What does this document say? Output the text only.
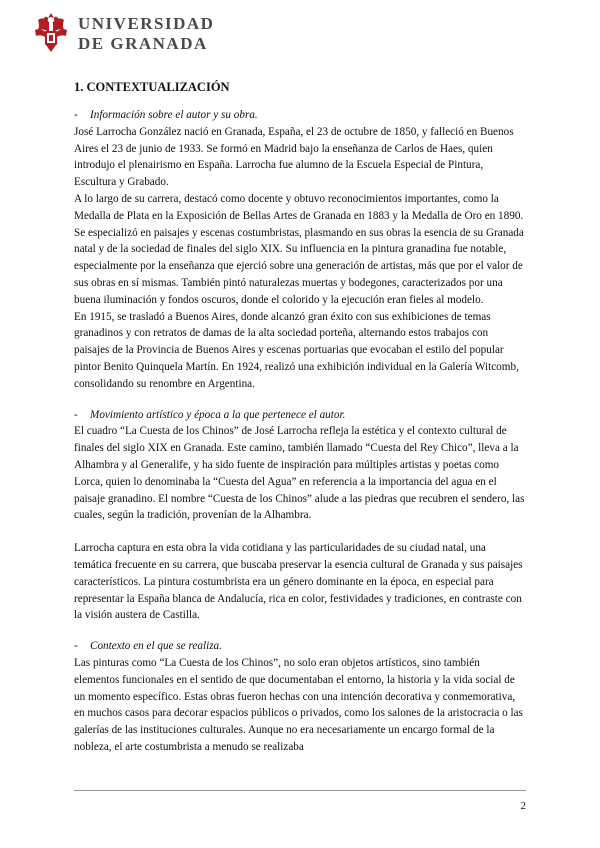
UNIVERSIDAD
DE GRANADA
1. CONTEXTUALIZACIÓN

- Información sobre el autor y su obra.

José Larrocha González nació en Granada, España, el 23 de octubre de 1850, y falleció en Buenos Aires el 23 de junio de 1933. Se formó en Madrid bajo la enseñanza de Carlos de Haes, quien introdujo el plenairismo en España. Larrocha fue alumno de la Escuela Especial de Pintura, Escultura y Grabado.

A lo largo de su carrera, destacó como docente y obtuvo reconocimientos importantes, como la Medalla de Plata en la Exposición de Bellas Artes de Granada en 1883 y la Medalla de Oro en 1890.

Se especializó en paisajes y escenas costumbristas, plasmando en sus obras la esencia de su Granada natal y de la sociedad de finales del siglo XIX. Su influencia en la pintura granadina fue notable, especialmente por la enseñanza que ejerció sobre una generación de artistas, más que por el valor de sus obras en sí mismas. También pintó naturalezas muertas y bodegones, caracterizados por una buena iluminación y fondos oscuros, donde el colorido y la ejecución eran fieles al modelo.

En 1915, se trasladó a Buenos Aires, donde alcanzó gran éxito con sus exhibiciones de temas granadinos y con retratos de damas de la alta sociedad porteña, alternando estos trabajos con paisajes de la Provincia de Buenos Aires y escenas portuarias que evocaban el estilo del popular pintor Benito Quinquela Martín. En 1924, realizó una exhibición individual en la Galería Witcomb, consolidando su renombre en Argentina.

- Movimiento artístico y época a la que pertenece el autor.

El cuadro “La Cuesta de los Chinos” de José Larrocha refleja la estética y el contexto cultural de finales del siglo XIX en Granada. Este camino, también llamado “Cuesta del Rey Chico”, lleva a la Alhambra y al Generalife, y ha sido fuente de inspiración para múltiples artistas y poetas como Lorca, quien lo denominaba la “Cuesta del Agua” en referencia a la importancia del agua en el paisaje granadino. El nombre “Cuesta de los Chinos” alude a las piedras que recubren el sendero, las cuales, según la tradición, provenían de la Alhambra.

Larrocha captura en esta obra la vida cotidiana y las particularidades de su ciudad natal, una temática frecuente en su carrera, que buscaba preservar la esencia cultural de Granada y sus paisajes característicos. La pintura costumbrista era un género dominante en la época, en especial para representar la España blanca de Andalucía, rica en color, festividades y tradiciones, en contraste con la visión austera de Castilla.

- Contexto en el que se realiza.

Las pinturas como “La Cuesta de los Chinos”, no solo eran objetos artísticos, sino también elementos funcionales en el sentido de que documentaban el entorno, la historia y la vida social de un momento específico. Estas obras fueron hechas con una intención decorativa y conmemorativa, en muchos casos para decorar espacios públicos o privados, como los salones de la aristocracia o las galerías de las instituciones culturales. Aunque no era necesariamente un encargo formal de la nobleza, el arte costumbrista a menudo se realizaba

2
